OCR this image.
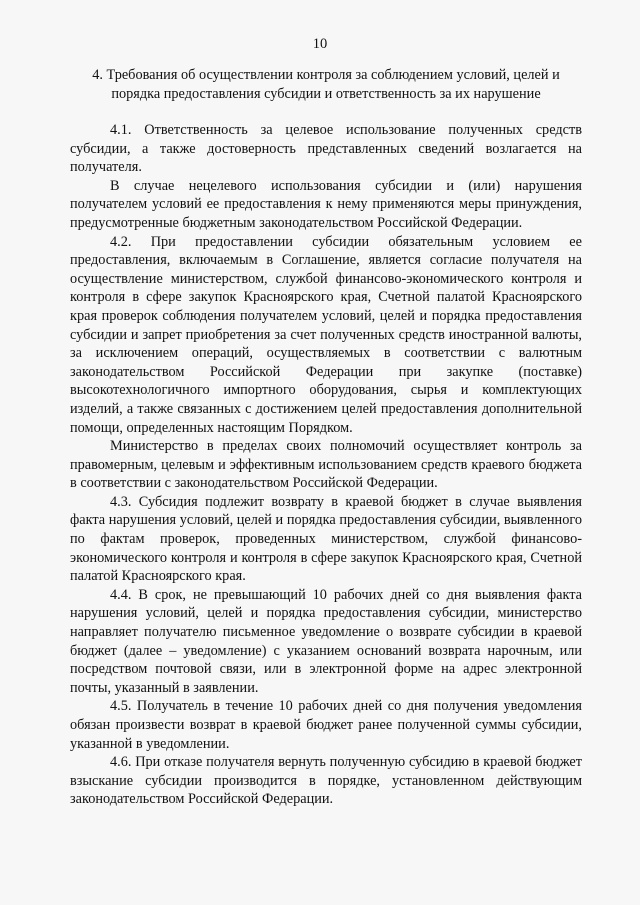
10
4. Требования об осуществлении контроля за соблюдением условий, целей и порядка предоставления субсидии и ответственность за их нарушение

4.1. Ответственность за целевое использование полученных средств субсидии, а также достоверность представленных сведений возлагается на получателя.

В случае нецелевого использования субсидии и (или) нарушения получателем условий ее предоставления к нему применяются меры принуждения, предусмотренные бюджетным законодательством Российской Федерации.

4.2. При предоставлении субсидии обязательным условием ее предоставления, включаемым в Соглашение, является согласие получателя на осуществление министерством, службой финансово-экономического контроля и контроля в сфере закупок Красноярского края, Счетной палатой Красноярского края проверок соблюдения получателем условий, целей и порядка предоставления субсидии и запрет приобретения за счет полученных средств иностранной валюты, за исключением операций, осуществляемых в соответствии с валютным законодательством Российской Федерации при закупке (поставке) высокотехнологичного импортного оборудования, сырья и комплектующих изделий, а также связанных с достижением целей предоставления дополнительной помощи, определенных настоящим Порядком.

Министерство в пределах своих полномочий осуществляет контроль за правомерным, целевым и эффективным использованием средств краевого бюджета в соответствии с законодательством Российской Федерации.

4.3. Субсидия подлежит возврату в краевой бюджет в случае выявления факта нарушения условий, целей и порядка предоставления субсидии, выявленного по фактам проверок, проведенных министерством, службой финансово-экономического контроля и контроля в сфере закупок Красноярского края, Счетной палатой Красноярского края.

4.4. В срок, не превышающий 10 рабочих дней со дня выявления факта нарушения условий, целей и порядка предоставления субсидии, министерство направляет получателю письменное уведомление о возврате субсидии в краевой бюджет (далее – уведомление) с указанием оснований возврата нарочным, или посредством почтовой связи, или в электронной форме на адрес электронной почты, указанный в заявлении.

4.5. Получатель в течение 10 рабочих дней со дня получения уведомления обязан произвести возврат в краевой бюджет ранее полученной суммы субсидии, указанной в уведомлении.

4.6. При отказе получателя вернуть полученную субсидию в краевой бюджет взыскание субсидии производится в порядке, установленном действующим законодательством Российской Федерации.
